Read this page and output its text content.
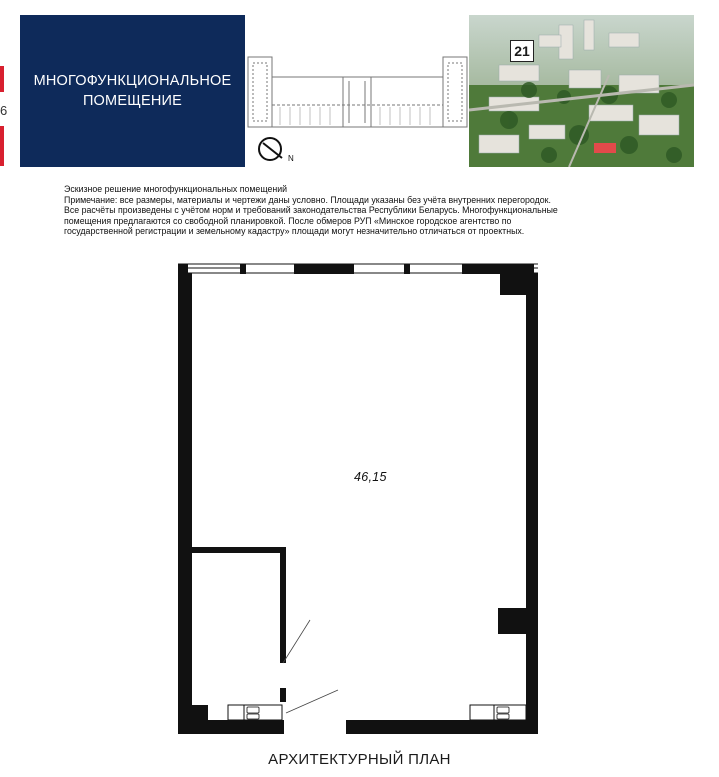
6
МНОГОФУНКЦИОНАЛЬНОЕ
ПОМЕЩЕНИЕ
N
21

Эскизное решение многофункциональных помещений

Примечание: все размеры, материалы и чертежи даны условно. Площади указаны без учёта внутренних перегородок.

Все расчёты произведены с учётом норм и требований законодательства Республики Беларусь. Многофункциональные

помещения предлагаются со свободной планировкой. После обмеров РУП «Минское городское агентство по

государственной регистрации и земельному кадастру» площади могут незначительно отличаться от проектных.

46,15
АРХИТЕКТУРНЫЙ ПЛАН
